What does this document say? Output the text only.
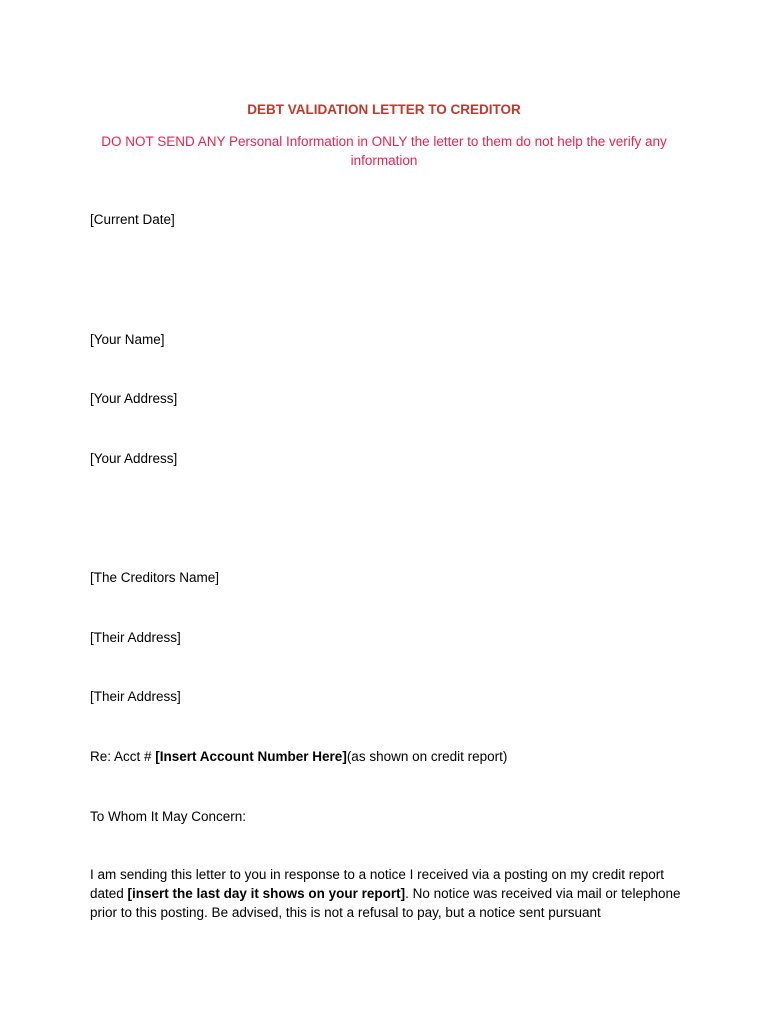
DEBT VALIDATION LETTER TO CREDITOR
DO NOT SEND ANY Personal Information in ONLY the letter to them do not help the verify any information
[Current Date]
[Your Name]
[Your Address]
[Your Address]
[The Creditors Name]
[Their Address]
[Their Address]
Re: Acct # [Insert Account Number Here](as shown on credit report)
To Whom It May Concern:
I am sending this letter to you in response to a notice I received via a posting on my credit report dated [insert the last day it shows on your report]. No notice was received via mail or telephone prior to this posting. Be advised, this is not a refusal to pay, but a notice sent pursuant
